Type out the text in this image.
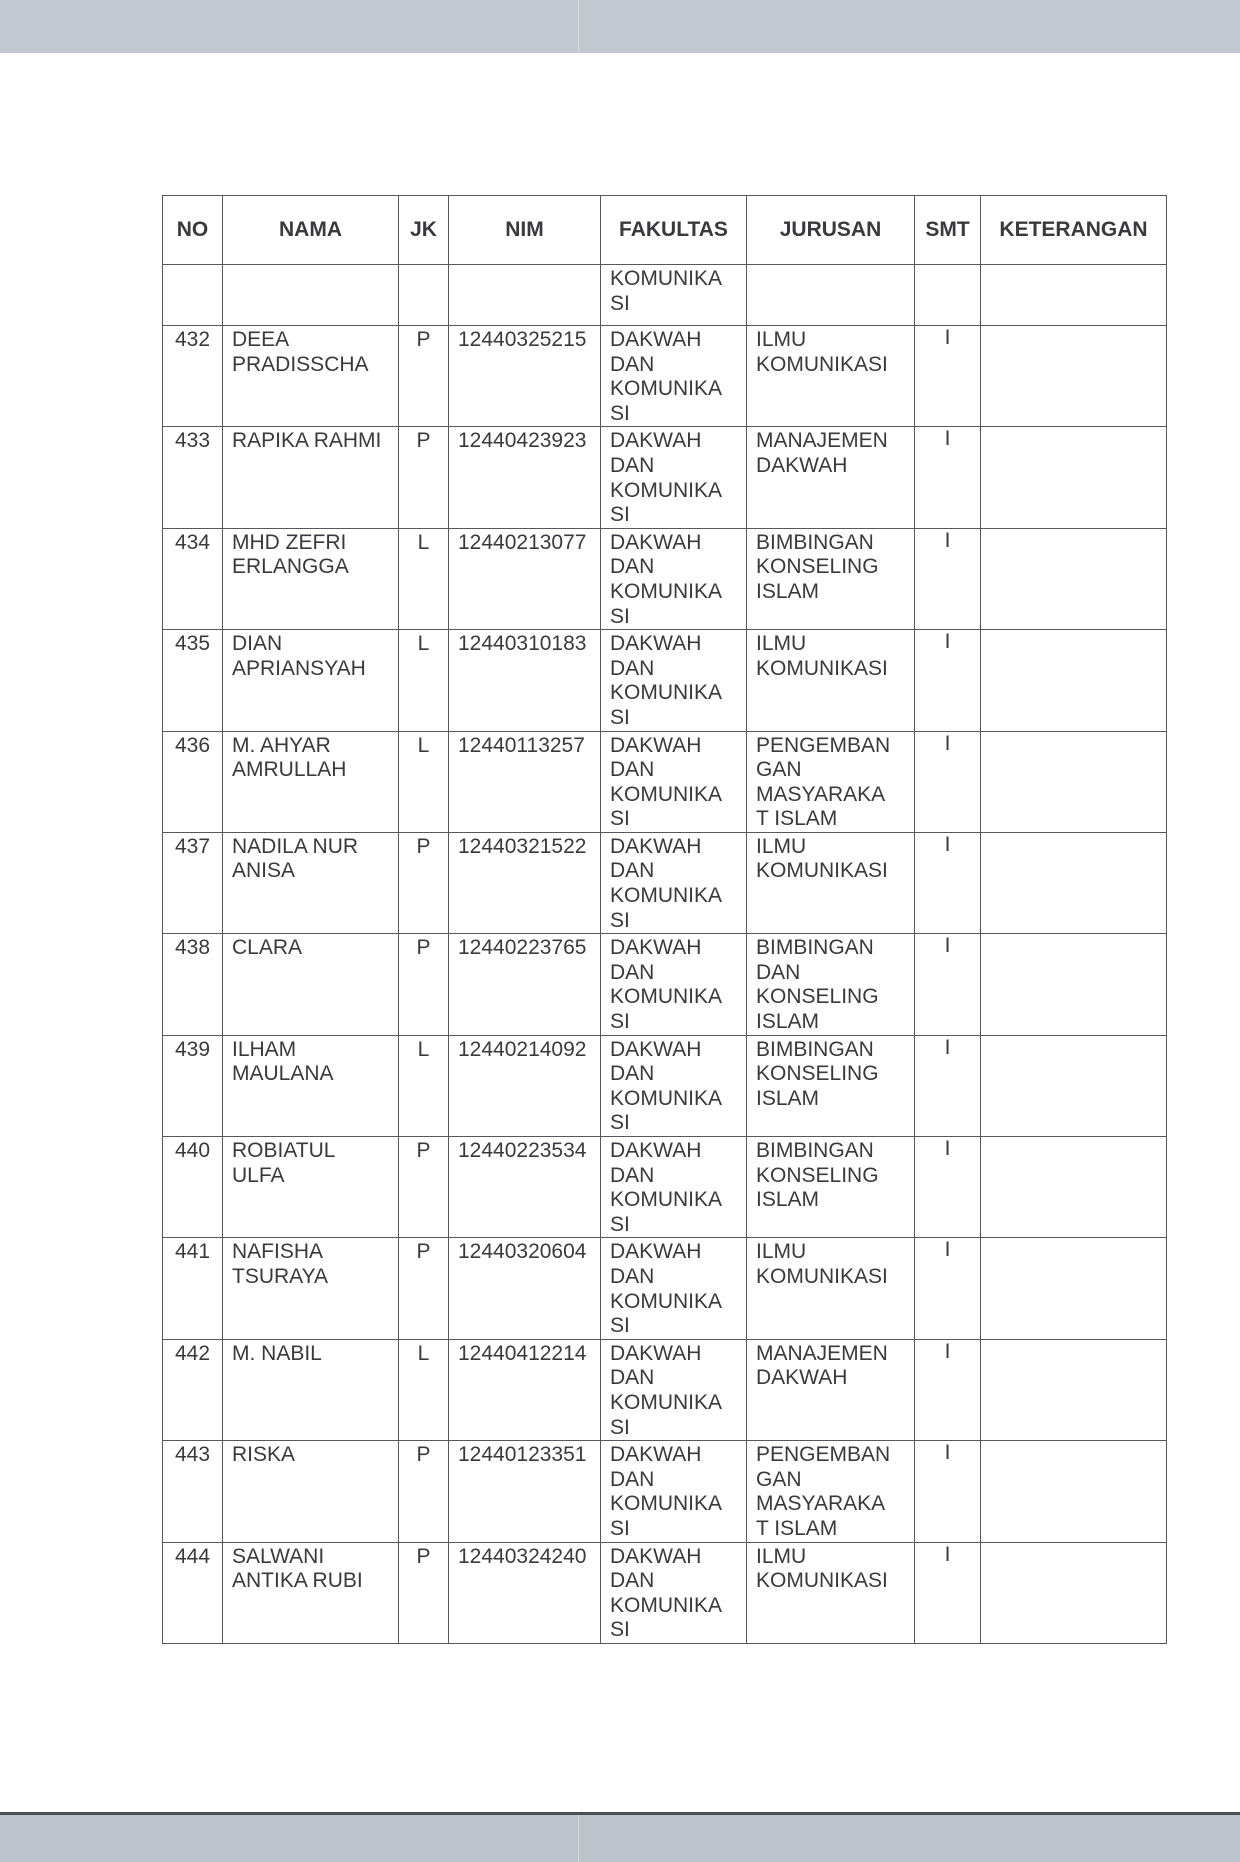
NO	NAMA	JK	NIM	FAKULTAS	JURUSAN	SMT	KETERANGAN
				KOMUNIKA
SI			
432	DEEA
PRADISSCHA	P	12440325215	DAKWAH
DAN
KOMUNIKA
SI	ILMU
KOMUNIKASI	I	
433	RAPIKA RAHMI	P	12440423923	DAKWAH
DAN
KOMUNIKA
SI	MANAJEMEN
DAKWAH	I	
434	MHD ZEFRI
ERLANGGA	L	12440213077	DAKWAH
DAN
KOMUNIKA
SI	BIMBINGAN
KONSELING
ISLAM	I	
435	DIAN
APRIANSYAH	L	12440310183	DAKWAH
DAN
KOMUNIKA
SI	ILMU
KOMUNIKASI	I	
436	M. AHYAR
AMRULLAH	L	12440113257	DAKWAH
DAN
KOMUNIKA
SI	PENGEMBAN
GAN
MASYARAKA
T ISLAM	I	
437	NADILA NUR
ANISA	P	12440321522	DAKWAH
DAN
KOMUNIKA
SI	ILMU
KOMUNIKASI	I	
438	CLARA	P	12440223765	DAKWAH
DAN
KOMUNIKA
SI	BIMBINGAN
DAN
KONSELING
ISLAM	I	
439	ILHAM
MAULANA	L	12440214092	DAKWAH
DAN
KOMUNIKA
SI	BIMBINGAN
KONSELING
ISLAM	I	
440	ROBIATUL
ULFA	P	12440223534	DAKWAH
DAN
KOMUNIKA
SI	BIMBINGAN
KONSELING
ISLAM	I	
441	NAFISHA
TSURAYA	P	12440320604	DAKWAH
DAN
KOMUNIKA
SI	ILMU
KOMUNIKASI	I	
442	M. NABIL	L	12440412214	DAKWAH
DAN
KOMUNIKA
SI	MANAJEMEN
DAKWAH	I	
443	RISKA	P	12440123351	DAKWAH
DAN
KOMUNIKA
SI	PENGEMBAN
GAN
MASYARAKA
T ISLAM	I	
444	SALWANI
ANTIKA RUBI	P	12440324240	DAKWAH
DAN
KOMUNIKA
SI	ILMU
KOMUNIKASI	I	
